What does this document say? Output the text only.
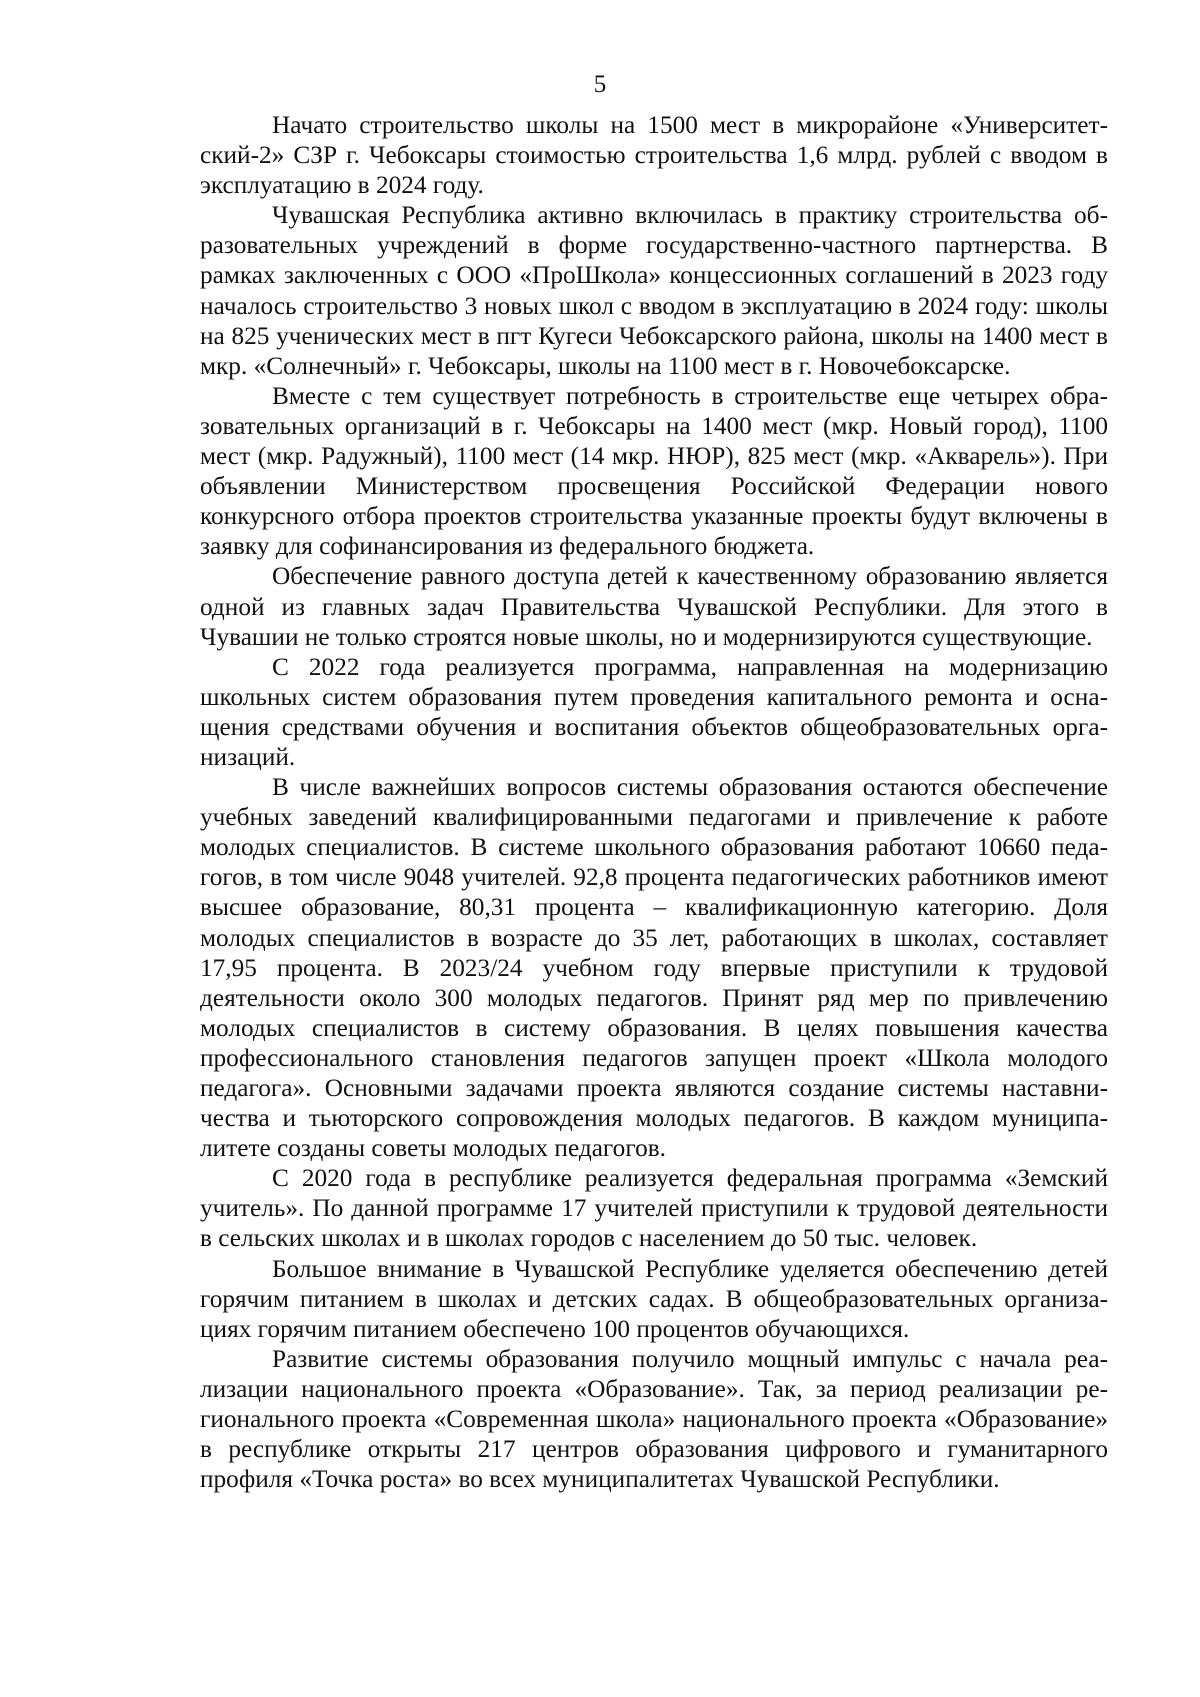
5

Начато строительство школы на 1500 мест в микрорайоне «Университетский-2» СЗР г. Чебоксары стоимостью строительства 1,6 млрд. рублей с вводом в эксплуатацию в 2024 году.

Чувашская Республика активно включилась в практику строительства образовательных учреждений в форме государственно-частного партнерства. В рамках заключенных с ООО «ПроШкола» концессионных соглашений в 2023 году началось строительство 3 новых школ с вводом в эксплуатацию в 2024 году: школы на 825 ученических мест в пгт Кугеси Чебоксарского района, школы на 1400 мест в мкр. «Солнечный» г. Чебоксары, школы на 1100 мест в г. Новочебоксарске.

Вместе с тем существует потребность в строительстве еще четырех образовательных организаций в г. Чебоксары на 1400 мест (мкр. Новый город), 1100 мест (мкр. Радужный), 1100 мест (14 мкр. НЮР), 825 мест (мкр. «Акварель»). При объявлении Министерством просвещения Российской Федерации нового конкурсного отбора проектов строительства указанные проекты будут включены в заявку для софинансирования из федерального бюджета.

Обеспечение равного доступа детей к качественному образованию является одной из главных задач Правительства Чувашской Республики. Для этого в Чувашии не только строятся новые школы, но и модернизируются существующие.

С 2022 года реализуется программа, направленная на модернизацию школьных систем образования путем проведения капитального ремонта и оснащения средствами обучения и воспитания объектов общеобразовательных организаций.

В числе важнейших вопросов системы образования остаются обеспечение учебных заведений квалифицированными педагогами и привлечение к работе молодых специалистов. В системе школьного образования работают 10660 педагогов, в том числе 9048 учителей. 92,8 процента педагогических работников имеют высшее образование, 80,31 процента – квалификационную категорию. Доля молодых специалистов в возрасте до 35 лет, работающих в школах, составляет 17,95 процента. В 2023/24 учебном году впервые приступили к трудовой деятельности около 300 молодых педагогов. Принят ряд мер по привлечению молодых специалистов в систему образования. В целях повышения качества профессионального становления педагогов запущен проект «Школа молодого педагога». Основными задачами проекта являются создание системы наставничества и тьюторского сопровождения молодых педагогов. В каждом муниципалитете созданы советы молодых педагогов.

С 2020 года в республике реализуется федеральная программа «Земский учитель». По данной программе 17 учителей приступили к трудовой деятельности в сельских школах и в школах городов с населением до 50 тыс. человек.

Большое внимание в Чувашской Республике уделяется обеспечению детей горячим питанием в школах и детских садах. В общеобразовательных организациях горячим питанием обеспечено 100 процентов обучающихся.

Развитие системы образования получило мощный импульс с начала реализации национального проекта «Образование». Так, за период реализации регионального проекта «Современная школа» национального проекта «Образование» в республике открыты 217 центров образования цифрового и гуманитарного профиля «Точка роста» во всех муниципалитетах Чувашской Республики.
